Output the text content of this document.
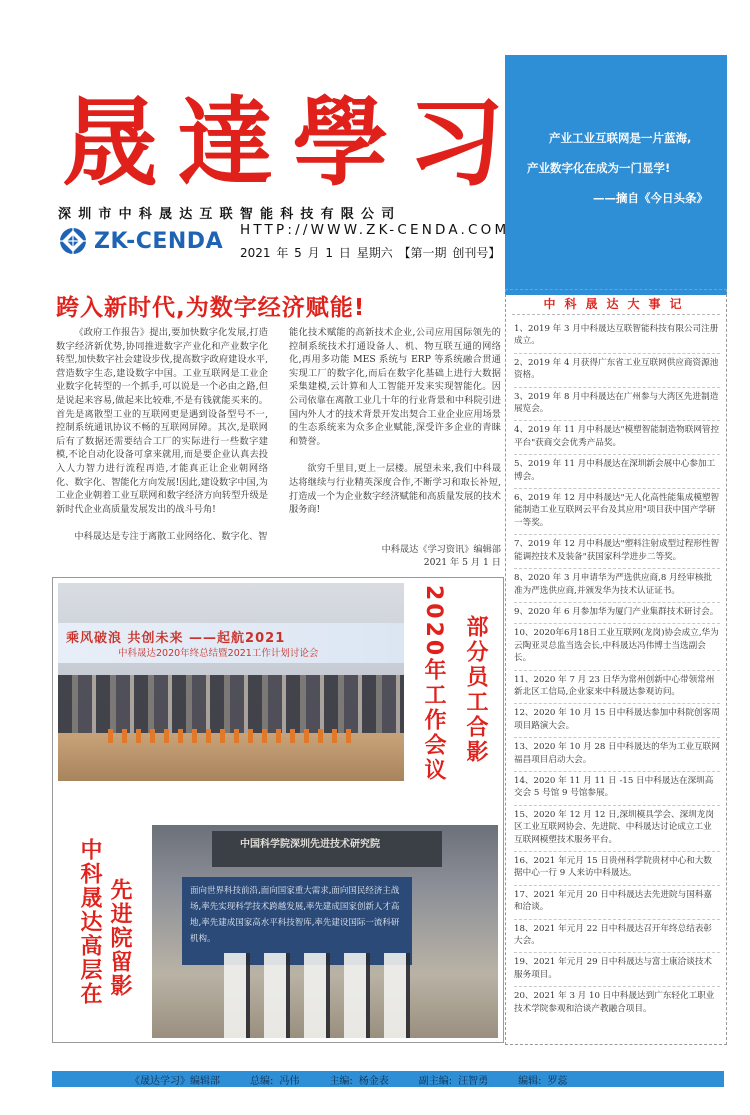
晟 達 學 习	产业工业互联网是一片蓝海,

产业数字化在成为一门显学!

——摘自《今日头条》

深圳市中科晟达互联智能科技有限公司
ZK-CENDA HTTP://WWW.ZK-CENDA.COM
2021 年 5 月 1 日 星期六 【第一期 创刊号】
跨入新时代,为数字经济赋能!

《政府工作报告》提出,要加快数字化发展,打造数字经济新优势,协同推进数字产业化和产业数字化转型,加快数字社会建设步伐,提高数字政府建设水平,营造数字生态,建设数字中国。工业互联网是工业企业数字化转型的一个抓手,可以说是一个必由之路,但是说起来容易,做起来比较难,不是有钱就能买来的。首先是离散型工业的互联网更是遇到设备型号不一,控制系统通讯协议不畅的互联网屏障。其次,是联网后有了数据还需要结合工厂的实际进行一些数字建模,不论自动化设备可拿来就用,而是要企业认真去投入人力智力进行流程再造,才能真正让企业朝网络化、数字化、智能化方向发展!因此,建设数字中国,为工业企业朝着工业互联网和数字经济方向转型升级是新时代企业高质量发展发出的战斗号角!

中科晟达是专注于离散工业网络化、数字化、智

能化技术赋能的高新技术企业,公司应用国际领先的控制系统技术打通设备人、机、物互联互通的网络化,再用多功能 MES 系统与 ERP 等系统融合贯通实现工厂的数字化,而后在数字化基础上进行大数据采集建模,云计算和人工智能开发来实现智能化。因公司依靠在离散工业几十年的行业背景和中科院引进国内外人才的技术背景开发出契合工业企业应用场景的生态系统来为众多企业赋能,深受许多企业的青睐和赞誉。

欲穷千里目,更上一层楼。展望未来,我们中科晟达将继续与行业精英深度合作,不断学习和取长补短,打造成一个为企业数字经济赋能和高质量发展的技术服务商!

中科晟达《学习资讯》编辑部
2021 年 5 月 1 日
乘风破浪 共创未来 ——起航2021
中科晟达2020年终总结暨2021工作计划讨论会	部分员工合影
2020年工作会议
中国科学院深圳先进技术研究院
面向世界科技前沿,面向国家重大需求,面向国民经济主战场,率先实现科学技术跨越发展,率先建成国家创新人才高地,率先建成国家高水平科技智库,率先建设国际一流科研机构。
先进院留影
中科晟达高层在
中科晟达大事记
1、2019 年 3 月中科晟达互联智能科技有限公司注册成立。
2、2019 年 4 月获得广东省工业互联网供应商资源池资格。
3、2019 年 8 月中科晟达在广州参与大湾区先进制造展览会。
4、2019 年 11 月中科晟达"模塑智能制造物联网管控平台"获商交会优秀产品奖。
5、2019 年 11 月中科晟达在深圳新会展中心参加工博会。
6、2019 年 12 月中科晟达"无人化高性能集成模塑智能制造工业互联网云平台及其应用"项目获中国产学研一等奖。
7、2019 年 12 月中科晟达"塑料注射成型过程形性智能调控技术及装备"获国家科学进步二等奖。
8、2020 年 3 月申请华为严选供应商,8 月经审核批准为严选供应商,并颁发华为技术认证证书。
9、2020 年 6 月参加华为厦门产业集群技术研讨会。
10、2020年6月18日工业互联网(龙岗)协会成立,华为云陶亚灵总监当选会长,中科晟达冯伟博士当选副会长。
11、2020 年 7 月 23 日华为常州创新中心带领常州新北区工信局,企业家来中科晟达参观访问。
12、2020 年 10 月 15 日中科晟达参加中科院创客周项目路演大会。
13、2020 年 10 月 28 日中科晟达的华为工业互联网福昌项目启动大会。
14、2020 年 11 月 11 日 -15 日中科晟达在深圳高交会 5 号馆 9 号馆参展。
15、2020 年 12 月 12 日,深圳模具学会、深圳龙岗区工业互联网协会、先进院、中科晟达讨论成立工业互联网模塑技术服务平台。
16、2021 年元月 15 日贵州科学院贵材中心和大数据中心一行 9 人来访中科晟达。
17、2021 年元月 20 日中科晟达去先进院与国科嘉和洽谈。
18、2021 年元月 22 日中科晟达召开年终总结表彰大会。
19、2021 年元月 29 日中科晟达与富士康洽谈技术服务项目。
20、2021 年 3 月 10 日中科晟达到广东轻化工职业技术学院参观和洽谈产教融合项目。
《晟达学习》编辑部	总编: 冯伟	主编: 杨金表	副主编: 汪智勇	编辑: 罗蕊
